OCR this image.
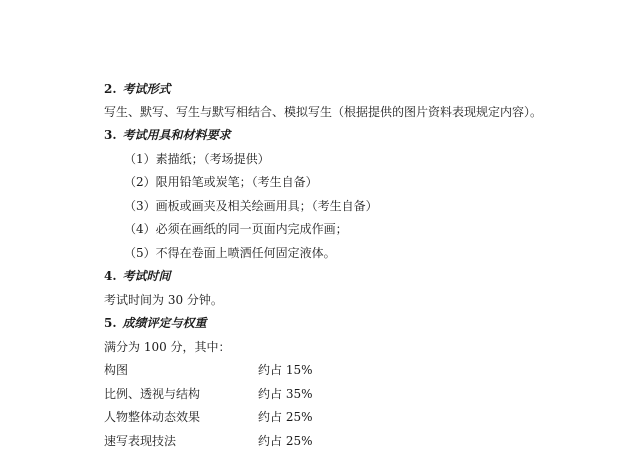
2. 考试形式
写生、默写、写生与默写相结合、模拟写生（根据提供的图片资料表现规定内容）。
3. 考试用具和材料要求
（1）素描纸；（考场提供）
（2）限用铅笔或炭笔；（考生自备）
（3）画板或画夹及相关绘画用具；（考生自备）
（4）必须在画纸的同一页面内完成作画；
（5）不得在卷面上喷洒任何固定液体。
4. 考试时间
考试时间为 30 分钟。
5. 成绩评定与权重
满分为 100 分，其中：
构图	约占 15%
比例、透视与结构	约占 35%
人物整体动态效果	约占 25%
速写表现技法	约占 25%
